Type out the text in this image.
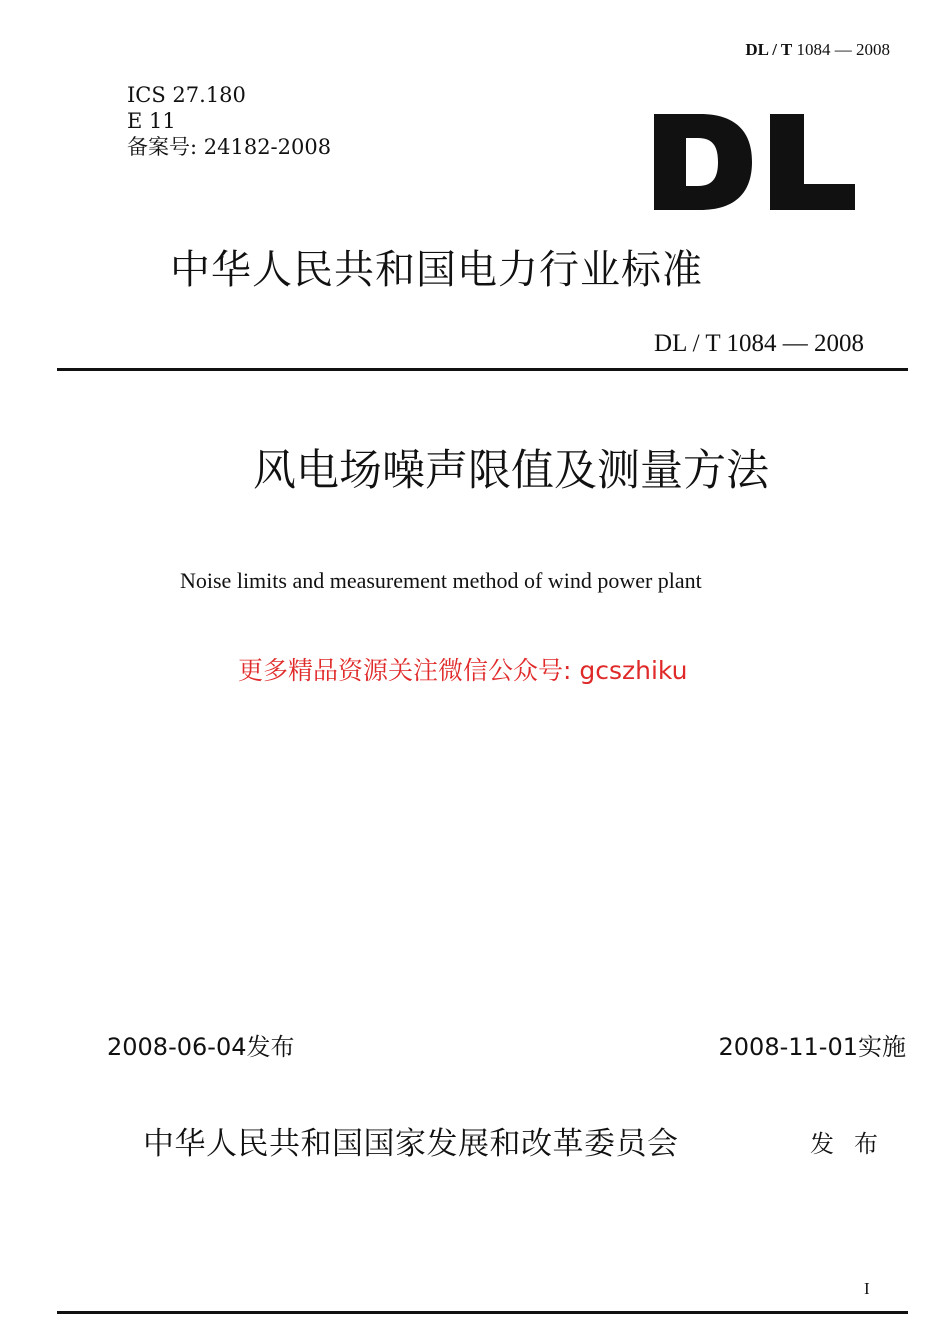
DL / T 1084 — 2008
ICS 27.180
E 11
备案号: 24182-2008
中华人民共和国电力行业标准
DL / T 1084 — 2008
风电场噪声限值及测量方法
Noise limits and measurement method of wind power plant
更多精品资源关注微信公众号: gcszhiku
2008-06-04发布	2008-11-01实施
中华人民共和国国家发展和改革委员会	发布
I
